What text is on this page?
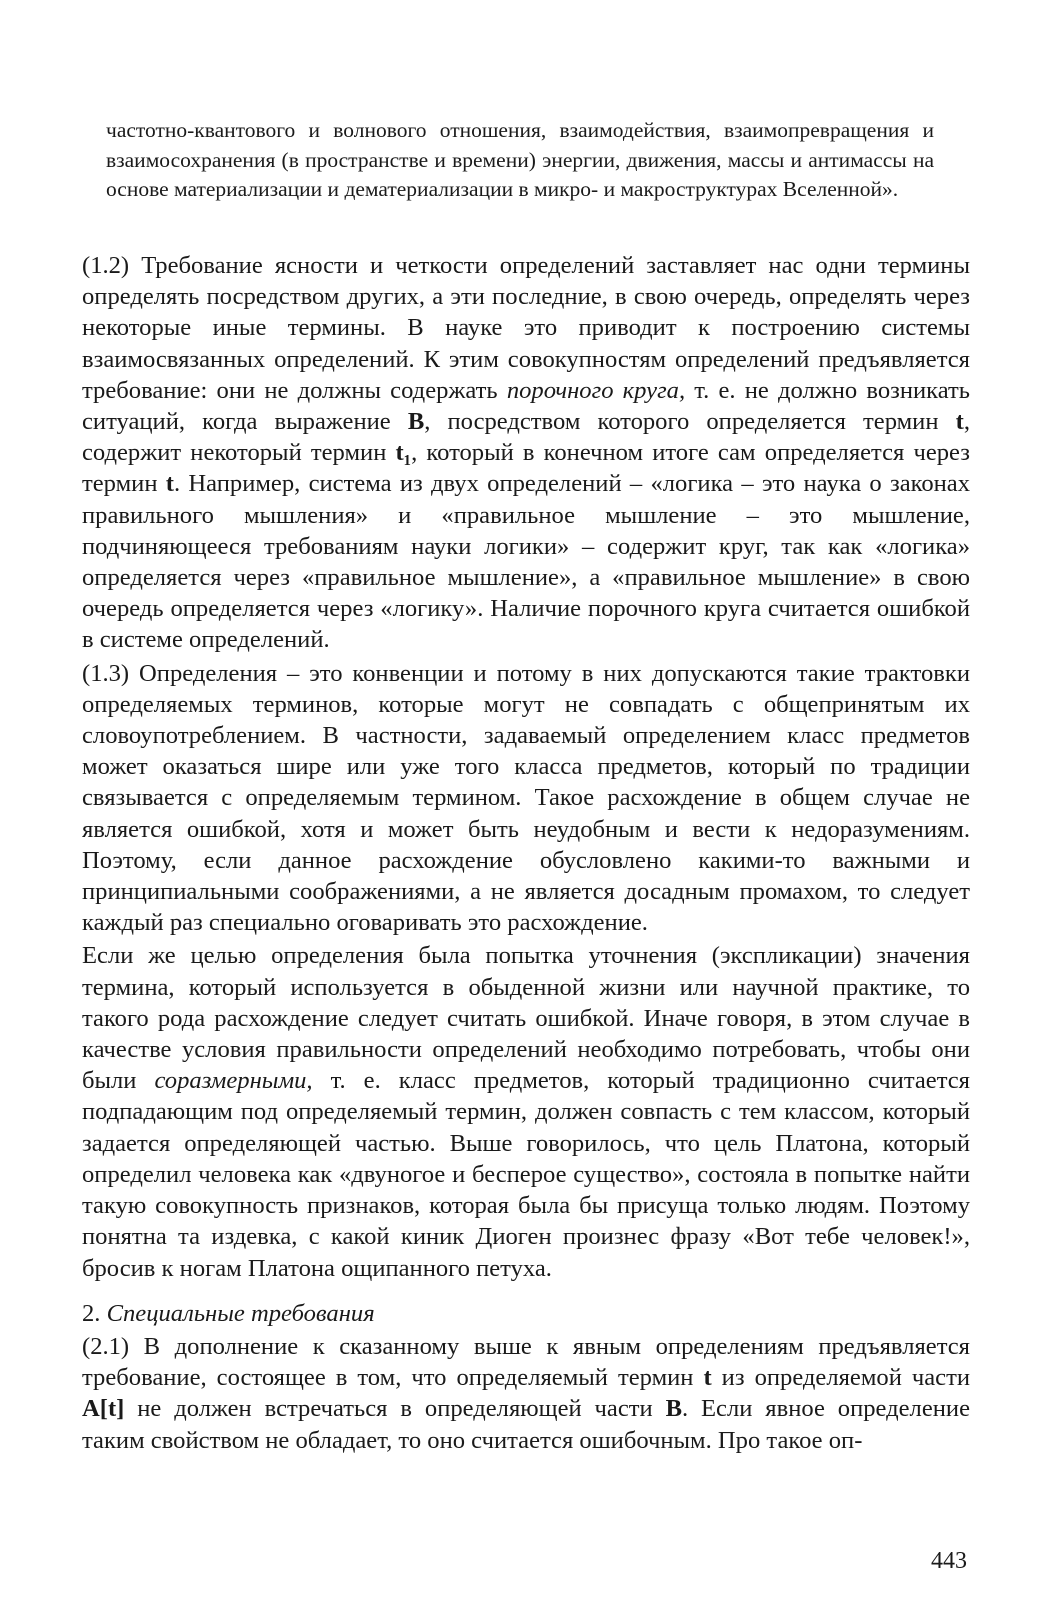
частотно-квантового и волнового отношения, взаимодействия, взаимопревращения и взаимосохранения (в пространстве и времени) энергии, движения, массы и антимассы на основе материализации и дематериализации в микро- и макроструктурах Вселенной».

(1.2) Требование ясности и четкости определений заставляет нас одни термины определять посредством других, а эти последние, в свою очередь, определять через некоторые иные термины. В науке это приводит к построению системы взаимосвязанных определений. К этим совокупностям определений предъявляется требование: они не должны содержать порочного круга, т. е. не должно возникать ситуаций, когда выражение B, посредством которого определяется термин t, содержит некоторый термин t₁, который в конечном итоге сам определяется через термин t. Например, система из двух определений – «логика – это наука о законах правильного мышления» и «правильное мышление – это мышление, подчиняющееся требованиям науки логики» – содержит круг, так как «логика» определяется через «правильное мышление», а «правильное мышление» в свою очередь определяется через «логику». Наличие порочного круга считается ошибкой в системе определений.

(1.3) Определения – это конвенции и потому в них допускаются такие трактовки определяемых терминов, которые могут не совпадать с общепринятым их словоупотреблением. В частности, задаваемый определением класс предметов может оказаться шире или уже того класса предметов, который по традиции связывается с определяемым термином. Такое расхождение в общем случае не является ошибкой, хотя и может быть неудобным и вести к недоразумениям. Поэтому, если данное расхождение обусловлено какими-то важными и принципиальными соображениями, а не является досадным промахом, то следует каждый раз специально оговаривать это расхождение.

Если же целью определения была попытка уточнения (экспликации) значения термина, который используется в обыденной жизни или научной практике, то такого рода расхождение следует считать ошибкой. Иначе говоря, в этом случае в качестве условия правильности определений необходимо потребовать, чтобы они были соразмерными, т. е. класс предметов, который традиционно считается подпадающим под определяемый термин, должен совпасть с тем классом, который задается определяющей частью. Выше говорилось, что цель Платона, который определил человека как «двуногое и бесперое существо», состояла в попытке найти такую совокупность признаков, которая была бы присуща только людям. Поэтому понятна та издевка, с какой киник Диоген произнес фразу «Вот тебе человек!», бросив к ногам Платона ощипанного петуха.

2. Специальные требования

(2.1) В дополнение к сказанному выше к явным определениям предъявляется требование, состоящее в том, что определяемый термин t из определяемой части A[t] не должен встречаться в определяющей части B. Если явное определение таким свойством не обладает, то оно считается ошибочным. Про такое оп-

443
